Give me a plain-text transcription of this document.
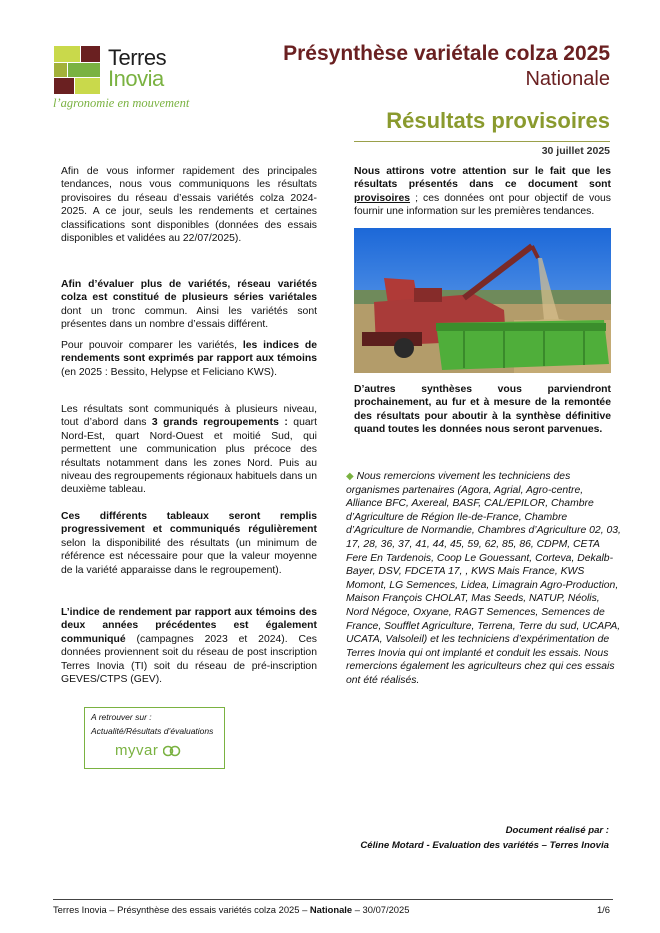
Terres
Inovia
l’agronomie en mouvement
Présynthèse variétale colza 2025
Nationale
Résultats provisoires
30 juillet 2025

Afin de vous informer rapidement des principales tendances, nous vous communiquons les résultats provisoires du réseau d’essais variétés colza 2024-2025. A ce jour, seuls les rendements et certaines classifications sont disponibles (données des essais disponibles et validées au 22/07/2025).

Afin d’évaluer plus de variétés, réseau variétés colza est constitué de plusieurs séries variétales dont un tronc commun. Ainsi les variétés sont présentes dans un nombre d’essais différent.

Pour pouvoir comparer les variétés, les indices de rendements sont exprimés par rapport aux témoins (en 2025 : Bessito, Helypse et Feliciano KWS).

Les résultats sont communiqués à plusieurs niveau, tout d’abord dans 3 grands regroupements : quart Nord-Est, quart Nord-Ouest et moitié Sud, qui permettent une communication plus précoce des résultats notamment dans les zones Nord. Puis au niveau des regroupements régionaux habituels dans un deuxième tableau.

Ces différents tableaux seront remplis progressivement et communiqués régulièrement selon la disponibilité des résultats (un minimum de référence est nécessaire pour que la valeur moyenne de la variété apparaisse dans le regroupement).

L’indice de rendement par rapport aux témoins des deux années précédentes est également communiqué (campagnes 2023 et 2024). Ces données proviennent soit du réseau de post inscription Terres Inovia (TI) soit du réseau de pré-inscription GEVES/CTPS (GEV).

A retrouver sur :
Actualité/Résultats d’évaluations
myvar

Nous attirons votre attention sur le fait que les résultats présentés dans ce document sont provisoires ; ces données ont pour objectif de vous fournir une information sur les premières tendances.

D’autres synthèses vous parviendront prochainement, au fur et à mesure de la remontée des résultats pour aboutir à la synthèse définitive quand toutes les données nous seront parvenues.

◆ Nous remercions vivement les techniciens des organismes partenaires (Agora, Agrial, Agro-centre, Alliance BFC, Axereal, BASF, CAL/EPILOR, Chambre d’Agriculture de Région Ile-de-France, Chambre d’Agriculture de Normandie, Chambres d’Agriculture 02, 03, 17, 28, 36, 37, 41, 44, 45, 59, 62, 85, 86, CDPM, CETA Fere En Tardenois, Coop Le Gouessant, Corteva, Dekalb-Bayer, DSV, FDCETA 17, , KWS Mais France, KWS Momont, LG Semences, Lidea, Limagrain Agro-Production, Maison François CHOLAT, Mas Seeds, NATUP, Néolis, Nord Négoce, Oxyane, RAGT Semences, Semences de France, Soufflet Agriculture, Terrena, Terre du sud, UCAPA, UCATA, Valsoleil) et les techniciens d’expérimentation de Terres Inovia qui ont implanté et conduit les essais. Nous remercions également les agriculteurs chez qui ces essais ont été réalisés.
Document réalisé par :
Céline Motard - Evaluation des variétés – Terres Inovia
Terres Inovia – Présynthèse des essais variétés colza 2025 – Nationale – 30/07/2025	1/6
